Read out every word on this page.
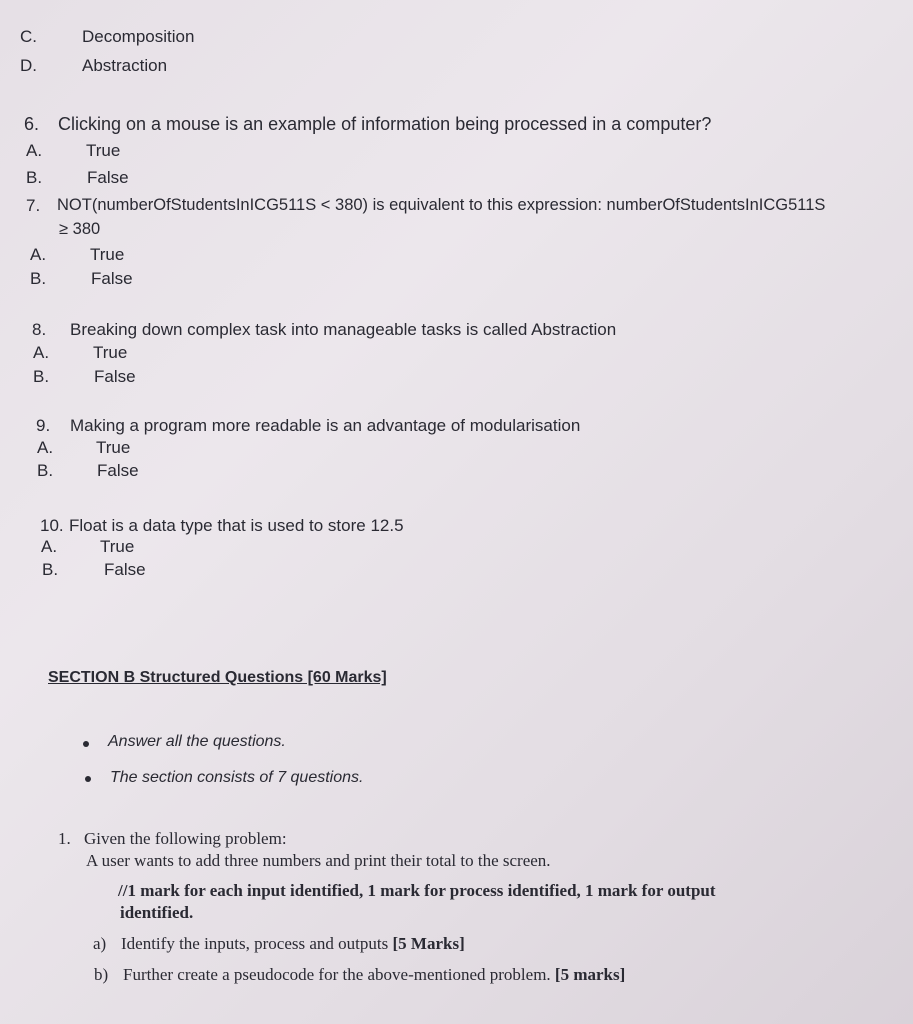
C.	Decomposition
D.	Abstraction
6. Clicking on a mouse is an example of information being processed in a computer?
A.	True
B.	False
7. NOT(numberOfStudentsInICG511S < 380) is equivalent to this expression: numberOfStudentsInICG511S
≥ 380
A.	True
B.	False
8. Breaking down complex task into manageable tasks is called Abstraction
A.	True
B.	False
9. Making a program more readable is an advantage of modularisation
A.	True
B.	False
10. Float is a data type that is used to store 12.5
A.	True
B.	False
SECTION B Structured Questions [60 Marks]
Answer all the questions.
The section consists of 7 questions.
1. Given the following problem:
A user wants to add three numbers and print their total to the screen.
//1 mark for each input identified, 1 mark for process identified, 1 mark for output
identified.
a) Identify the inputs, process and outputs [5 Marks]
b) Further create a pseudocode for the above-mentioned problem. [5 marks]
